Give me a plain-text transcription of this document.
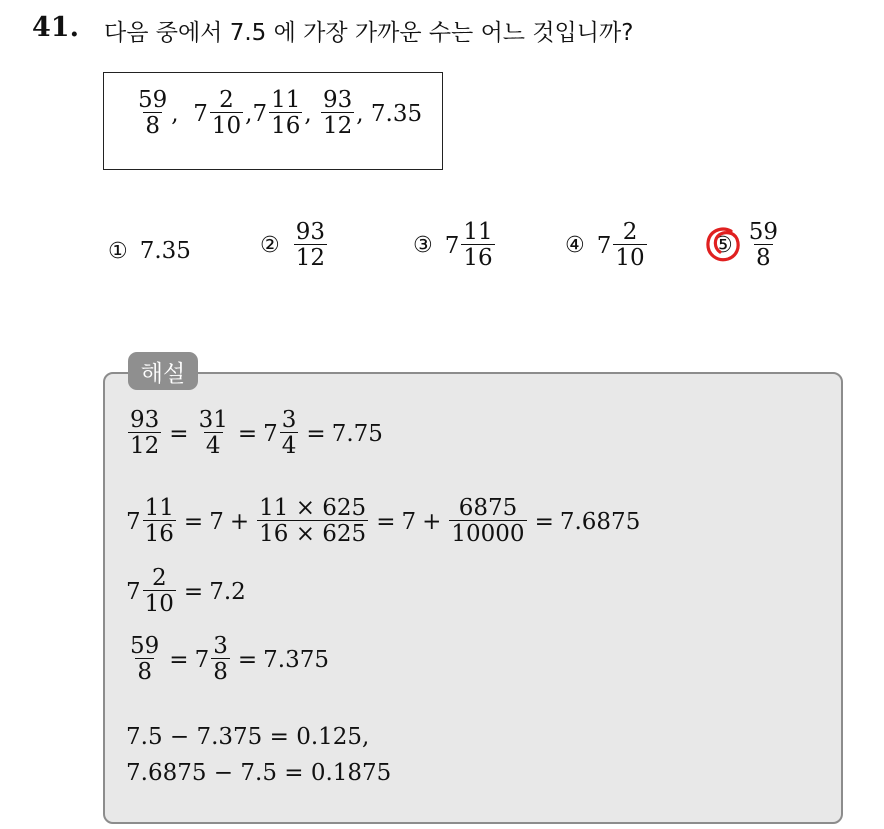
41. 다음 중에서 7.5 에 가장 가까운 수는 어느 것입니까?
$\frac{59}{8}$ ,
$7 \frac{2}{10}$ , $7 \frac{11}{16}$ ,
$\frac{93}{12}$ ,
7.35
① 7.35	② $\frac{93}{12}$	③ $7 \frac{11}{16}$	④ $7 \frac{2}{10}$	⑤ $\frac{59}{8}$
해설
$\frac{93}{12} = \frac{31}{4} = 7 \frac{3}{4} = 7.75$
$7 \frac{11}{16} = 7 + \frac{11 \times 625}{16 \times 625} = 7 + \frac{6875}{10000} = 7.6875$
$7 \frac{2}{10} = 7.2$
$\frac{59}{8} = 7 \frac{3}{8} = 7.375$
7.5 − 7.375 = 0.125,
7.6875 − 7.5 = 0.1875
